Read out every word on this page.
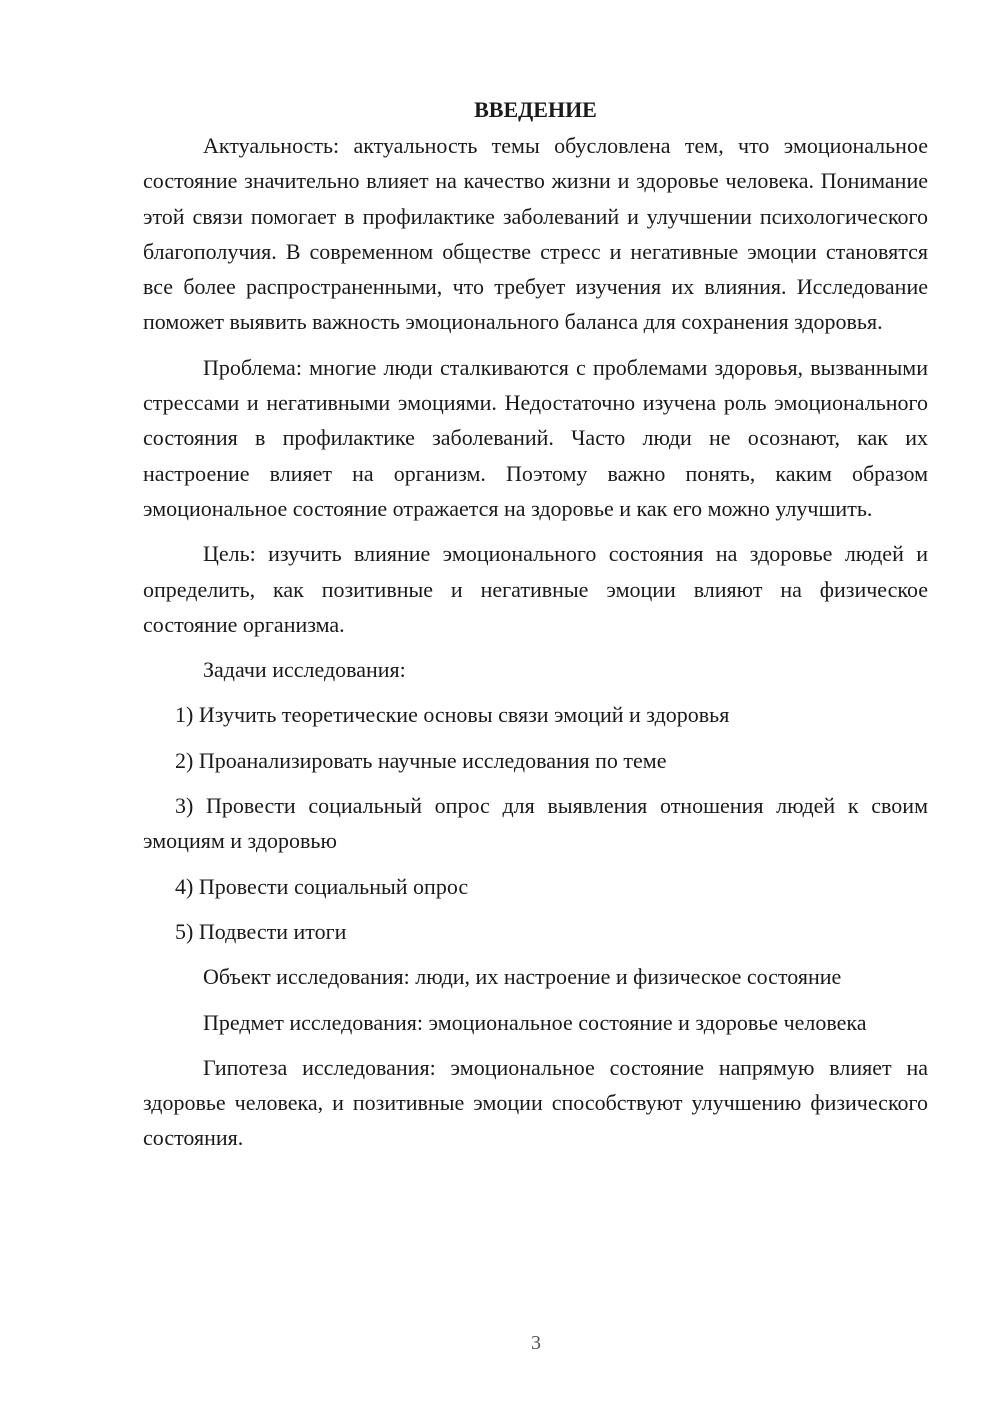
ВВЕДЕНИЕ

Актуальность: актуальность темы обусловлена тем, что эмоциональное состояние значительно влияет на качество жизни и здоровье человека. Понимание этой связи помогает в профилактике заболеваний и улучшении психологического благополучия. В современном обществе стресс и негативные эмоции становятся все более распространенными, что требует изучения их влияния. Исследование поможет выявить важность эмоционального баланса для сохранения здоровья.

Проблема: многие люди сталкиваются с проблемами здоровья, вызванными стрессами и негативными эмоциями. Недостаточно изучена роль эмоционального состояния в профилактике заболеваний. Часто люди не осознают, как их настроение влияет на организм. Поэтому важно понять, каким образом эмоциональное состояние отражается на здоровье и как его можно улучшить.

Цель: изучить влияние эмоционального состояния на здоровье людей и определить, как позитивные и негативные эмоции влияют на физическое состояние организма.

Задачи исследования:

1) Изучить теоретические основы связи эмоций и здоровья

2) Проанализировать научные исследования по теме

3) Провести социальный опрос для выявления отношения людей к своим эмоциям и здоровью

4) Провести социальный опрос

5) Подвести итоги

Объект исследования: люди, их настроение и физическое состояние

Предмет исследования: эмоциональное состояние и здоровье человека

Гипотеза исследования: эмоциональное состояние напрямую влияет на здоровье человека, и позитивные эмоции способствуют улучшению физического состояния.

3
